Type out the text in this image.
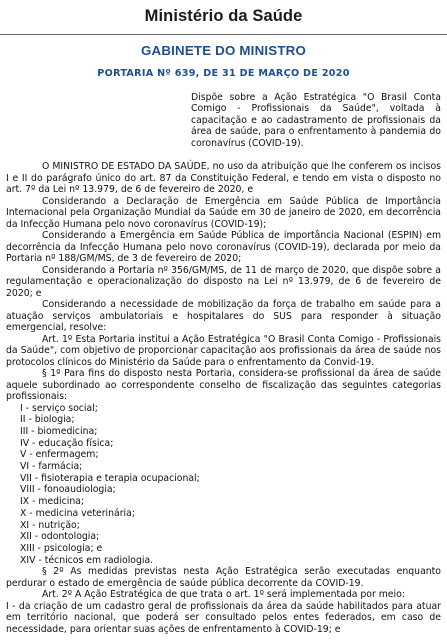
Ministério da Saúde
GABINETE DO MINISTRO
PORTARIA Nº 639, DE 31 DE MARÇO DE 2020
Dispõe sobre a Ação Estratégica "O Brasil Conta Comigo - Profissionais da Saúde", voltada à capacitação e ao cadastramento de profissionais da área de saúde, para o enfrentamento à pandemia do coronavírus (COVID-19).

O MINISTRO DE ESTADO DA SAÚDE, no uso da atribuição que lhe conferem os incisos I e II do parágrafo único do art. 87 da Constituição Federal, e tendo em vista o disposto no art. 7º da Lei nº 13.979, de 6 de fevereiro de 2020, e

Considerando a Declaração de Emergência em Saúde Pública de Importância Internacional pela Organização Mundial da Saúde em 30 de janeiro de 2020, em decorrência da Infecção Humana pelo novo coronavírus (COVID-19);

Considerando a Emergência em Saúde Pública de importância Nacional (ESPIN) em decorrência da Infecção Humana pelo novo coronavírus (COVID-19), declarada por meio da Portaria nº 188/GM/MS, de 3 de fevereiro de 2020;

Considerando a Portaria nº 356/GM/MS, de 11 de março de 2020, que dispõe sobre a regulamentação e operacionalização do disposto na Lei nº 13.979, de 6 de fevereiro de 2020; e

Considerando a necessidade de mobilização da força de trabalho em saúde para a atuação serviços ambulatoriais e hospitalares do SUS para responder à situação emergencial, resolve:

Art. 1º Esta Portaria institui a Ação Estratégica "O Brasil Conta Comigo - Profissionais da Saúde", com objetivo de proporcionar capacitação aos profissionais da área de saúde nos protocolos clínicos do Ministério da Saúde para o enfrentamento da Convid-19.

§ 1º Para fins do disposto nesta Portaria, considera-se profissional da área de saúde aquele subordinado ao correspondente conselho de fiscalização das seguintes categorias profissionais:

I - serviço social;

II - biologia;

III - biomedicina;

IV - educação física;

V - enfermagem;

VI - farmácia;

VII - fisioterapia e terapia ocupacional;

VIII - fonoaudiologia;

IX - medicina;

X - medicina veterinária;

XI - nutrição;

XII - odontologia;

XIII - psicologia; e

XIV - técnicos em radiologia.

§ 2º As medidas previstas nesta Ação Estratégica serão executadas enquanto perdurar o estado de emergência de saúde pública decorrente da COVID-19.

Art. 2º A Ação Estratégica de que trata o art. 1º será implementada por meio:

I - da criação de um cadastro geral de profissionais da área da saúde habilitados para atuar em território nacional, que poderá ser consultado pelos entes federados, em caso de necessidade, para orientar suas ações de enfrentamento à COVID-19; e
